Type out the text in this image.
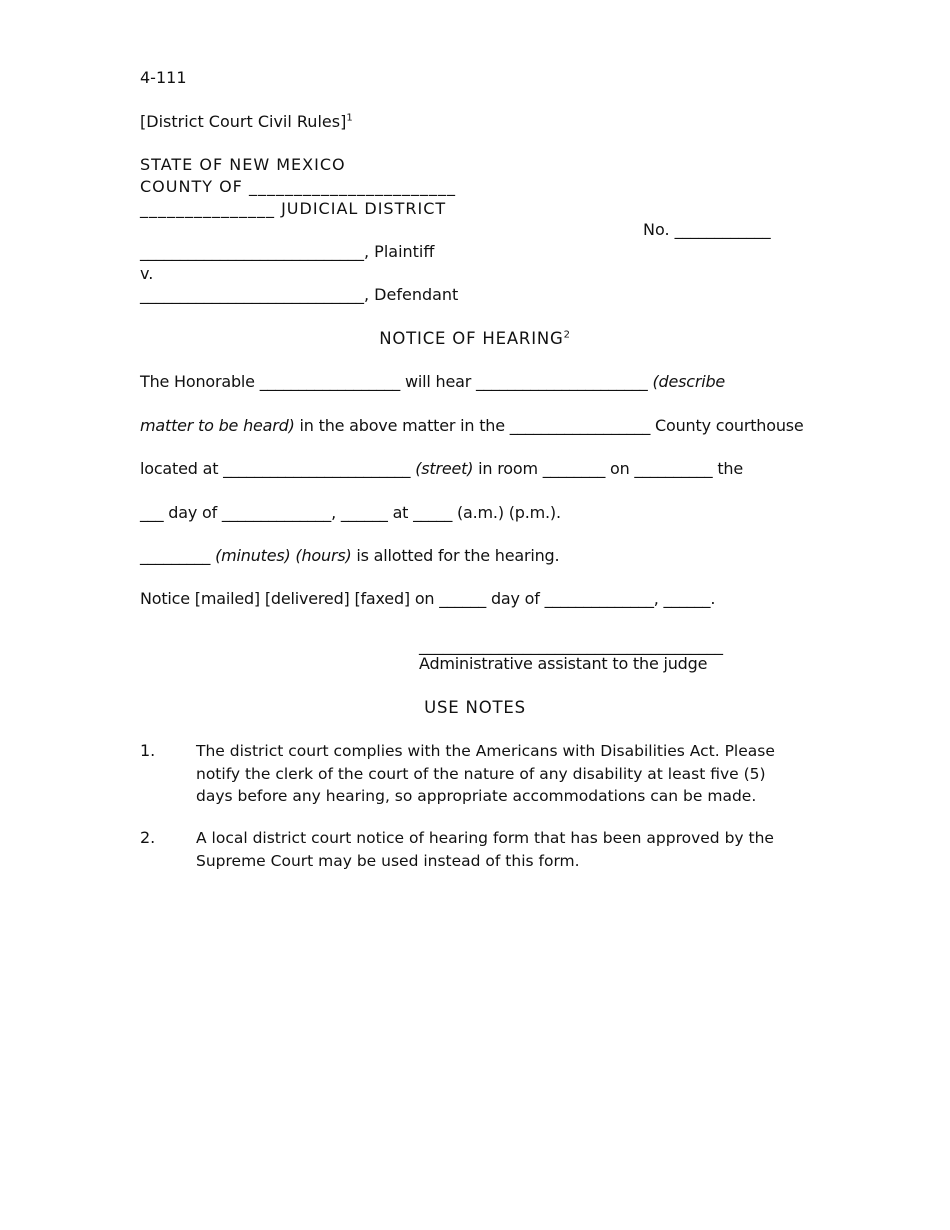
4-111
[District Court Civil Rules]$^1$
STATE OF NEW MEXICO
COUNTY OF _______________________
_______________ JUDICIAL DISTRICT
No. ____________
____________________________, Plaintiff
v.
____________________________, Defendant
NOTICE OF HEARING$^2$
The Honorable __________________ will hear ______________________ (describe
matter to be heard) in the above matter in the __________________ County courthouse
located at ________________________ (street) in room ________ on __________ the
___ day of ______________, ______ at _____ (a.m.) (p.m.).
_________ (minutes) (hours) is allotted for the hearing.
Notice [mailed] [delivered] [faxed] on ______ day of ______________, ______.
______________________________________
Administrative assistant to the judge
USE NOTES
1.	The district court complies with the Americans with Disabilities Act. Please notify the clerk of the court of the nature of any disability at least five (5) days before any hearing, so appropriate accommodations can be made.
2.	A local district court notice of hearing form that has been approved by the Supreme Court may be used instead of this form.
